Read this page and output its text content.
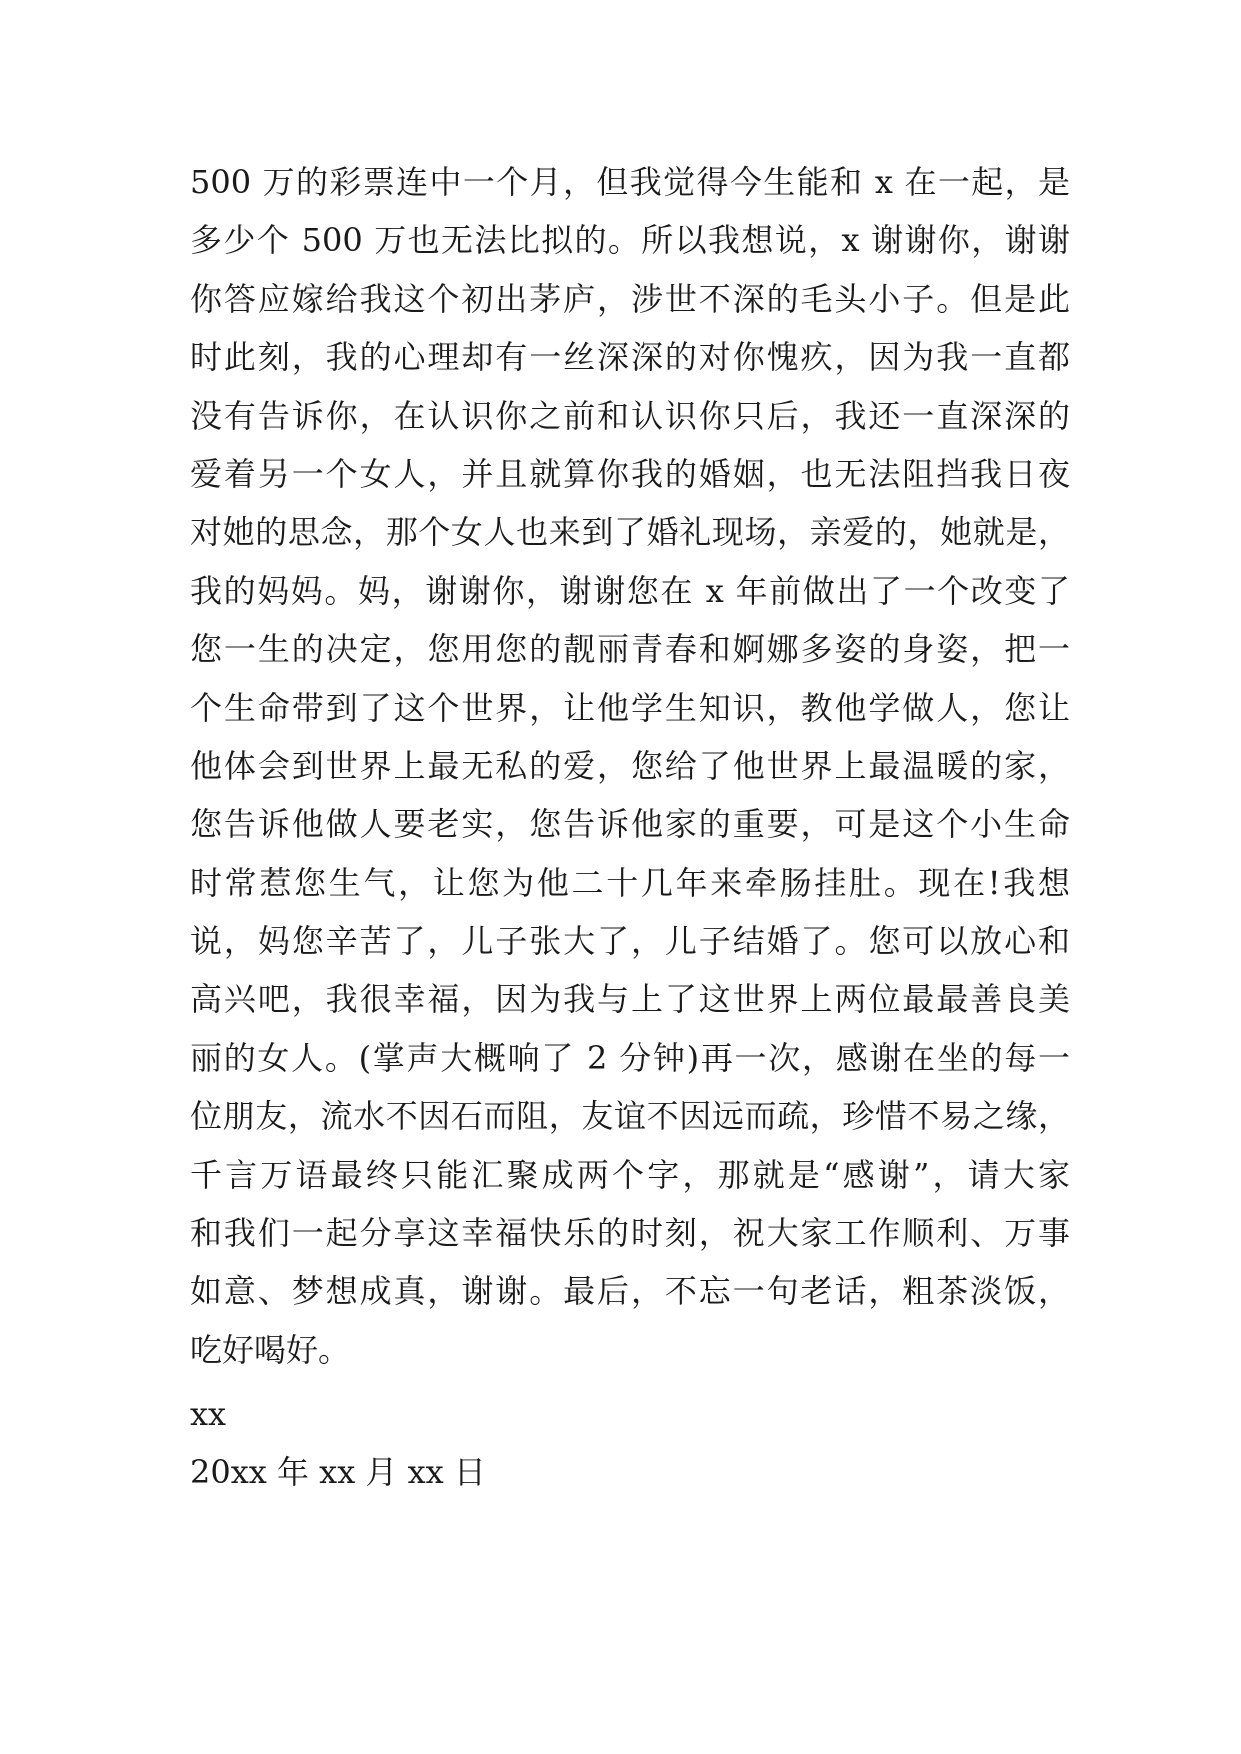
500 万的彩票连中一个月，但我觉得今生能和 x 在一起，是
多少个 500 万也无法比拟的。所以我想说，x 谢谢你，谢谢
你答应嫁给我这个初出茅庐，涉世不深的毛头小子。但是此
时此刻，我的心理却有一丝深深的对你愧疚，因为我一直都
没有告诉你，在认识你之前和认识你只后，我还一直深深的
爱着另一个女人，并且就算你我的婚姻，也无法阻挡我日夜
对她的思念，那个女人也来到了婚礼现场，亲爱的，她就是，
我的妈妈。妈，谢谢你，谢谢您在 x 年前做出了一个改变了
您一生的决定，您用您的靓丽青春和婀娜多姿的身姿，把一
个生命带到了这个世界，让他学生知识，教他学做人，您让
他体会到世界上最无私的爱，您给了他世界上最温暖的家，
您告诉他做人要老实，您告诉他家的重要，可是这个小生命
时常惹您生气，让您为他二十几年来牵肠挂肚。现在!我想
说，妈您辛苦了，儿子张大了，儿子结婚了。您可以放心和
高兴吧，我很幸福，因为我与上了这世界上两位最最善良美
丽的女人。(掌声大概响了 2 分钟)再一次，感谢在坐的每一
位朋友，流水不因石而阻，友谊不因远而疏，珍惜不易之缘，
千言万语最终只能汇聚成两个字，那就是“感谢”，请大家
和我们一起分享这幸福快乐的时刻，祝大家工作顺利、万事
如意、梦想成真，谢谢。最后，不忘一句老话，粗茶淡饭，
吃好喝好。
xx
20xx 年 xx 月 xx 日
